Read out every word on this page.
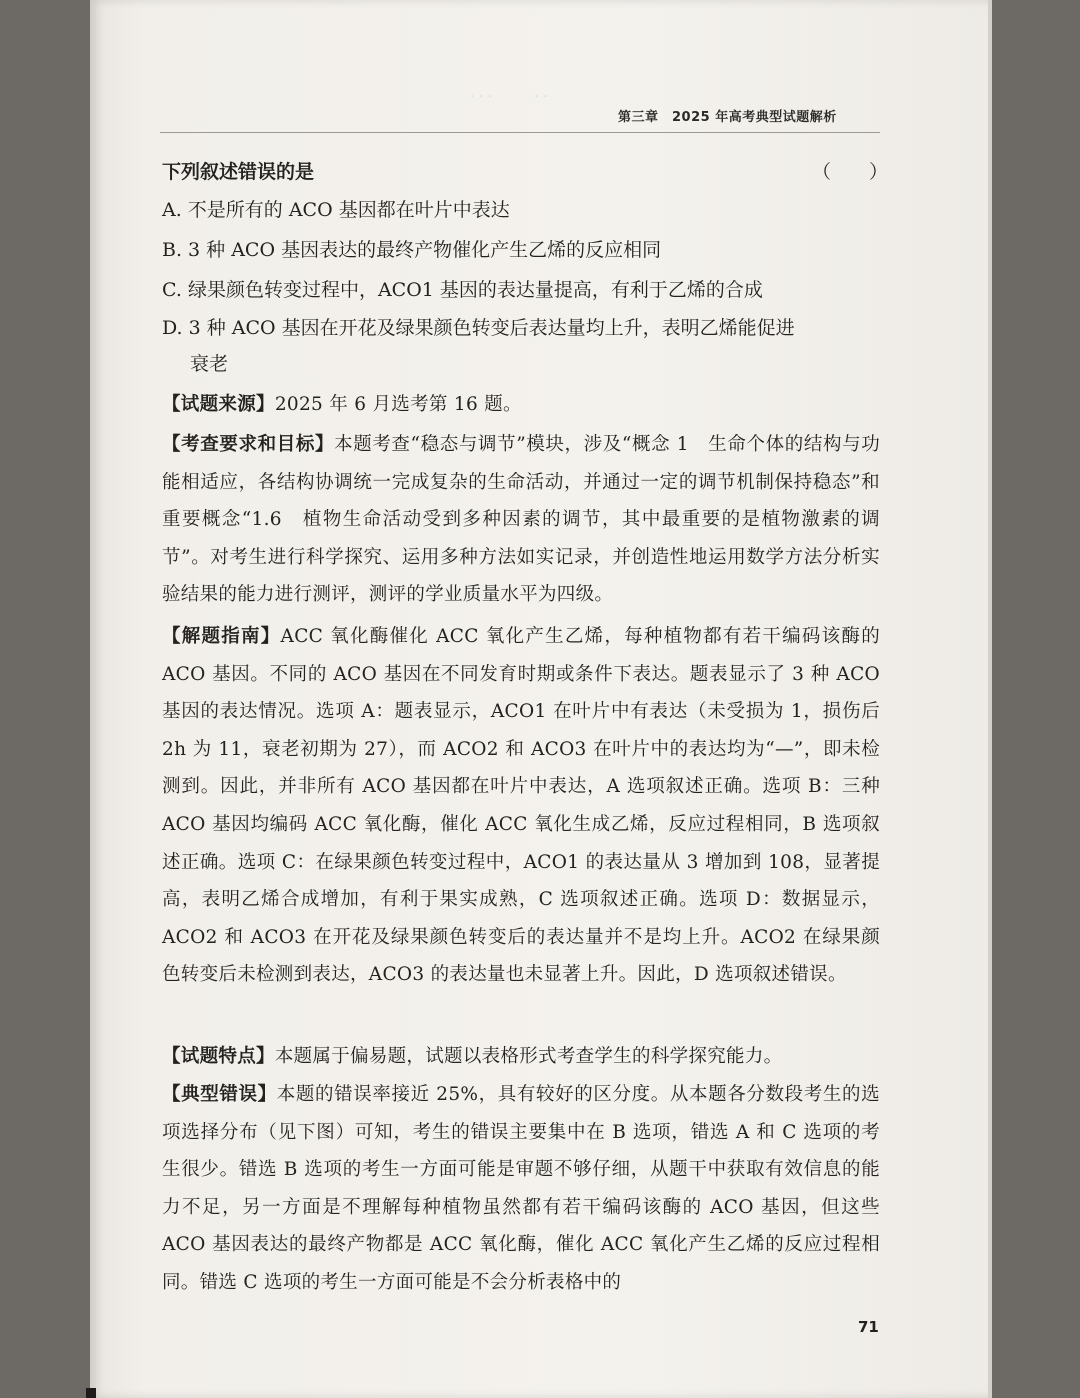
· · ·　　　· ·
第三章　2025 年高考典型试题解析
下列叙述错误的是	（　　）
A. 不是所有的 ACO 基因都在叶片中表达
B. 3 种 ACO 基因表达的最终产物催化产生乙烯的反应相同
C. 绿果颜色转变过程中，ACO1 基因的表达量提高，有利于乙烯的合成
D. 3 种 ACO 基因在开花及绿果颜色转变后表达量均上升，表明乙烯能促进
衰老
【试题来源】2025 年 6 月选考第 16 题。
【考查要求和目标】本题考查“稳态与调节”模块，涉及“概念 1　生命个体的结构与功能相适应，各结构协调统一完成复杂的生命活动，并通过一定的调节机制保持稳态”和重要概念“1.6　植物生命活动受到多种因素的调节，其中最重要的是植物激素的调节”。对考生进行科学探究、运用多种方法如实记录，并创造性地运用数学方法分析实验结果的能力进行测评，测评的学业质量水平为四级。
【解题指南】ACC 氧化酶催化 ACC 氧化产生乙烯，每种植物都有若干编码该酶的 ACO 基因。不同的 ACO 基因在不同发育时期或条件下表达。题表显示了 3 种 ACO 基因的表达情况。选项 A：题表显示，ACO1 在叶片中有表达（未受损为 1，损伤后 2h 为 11，衰老初期为 27），而 ACO2 和 ACO3 在叶片中的表达均为“—”，即未检测到。因此，并非所有 ACO 基因都在叶片中表达，A 选项叙述正确。选项 B：三种 ACO 基因均编码 ACC 氧化酶，催化 ACC 氧化生成乙烯，反应过程相同，B 选项叙述正确。选项 C：在绿果颜色转变过程中，ACO1 的表达量从 3 增加到 108，显著提高，表明乙烯合成增加，有利于果实成熟，C 选项叙述正确。选项 D：数据显示，ACO2 和 ACO3 在开花及绿果颜色转变后的表达量并不是均上升。ACO2 在绿果颜色转变后未检测到表达，ACO3 的表达量也未显著上升。因此，D 选项叙述错误。
【试题特点】本题属于偏易题，试题以表格形式考查学生的科学探究能力。
【典型错误】本题的错误率接近 25%，具有较好的区分度。从本题各分数段考生的选项选择分布（见下图）可知，考生的错误主要集中在 B 选项，错选 A 和 C 选项的考生很少。错选 B 选项的考生一方面可能是审题不够仔细，从题干中获取有效信息的能力不足，另一方面是不理解每种植物虽然都有若干编码该酶的 ACO 基因，但这些 ACO 基因表达的最终产物都是 ACC 氧化酶，催化 ACC 氧化产生乙烯的反应过程相同。错选 C 选项的考生一方面可能是不会分析表格中的
71
